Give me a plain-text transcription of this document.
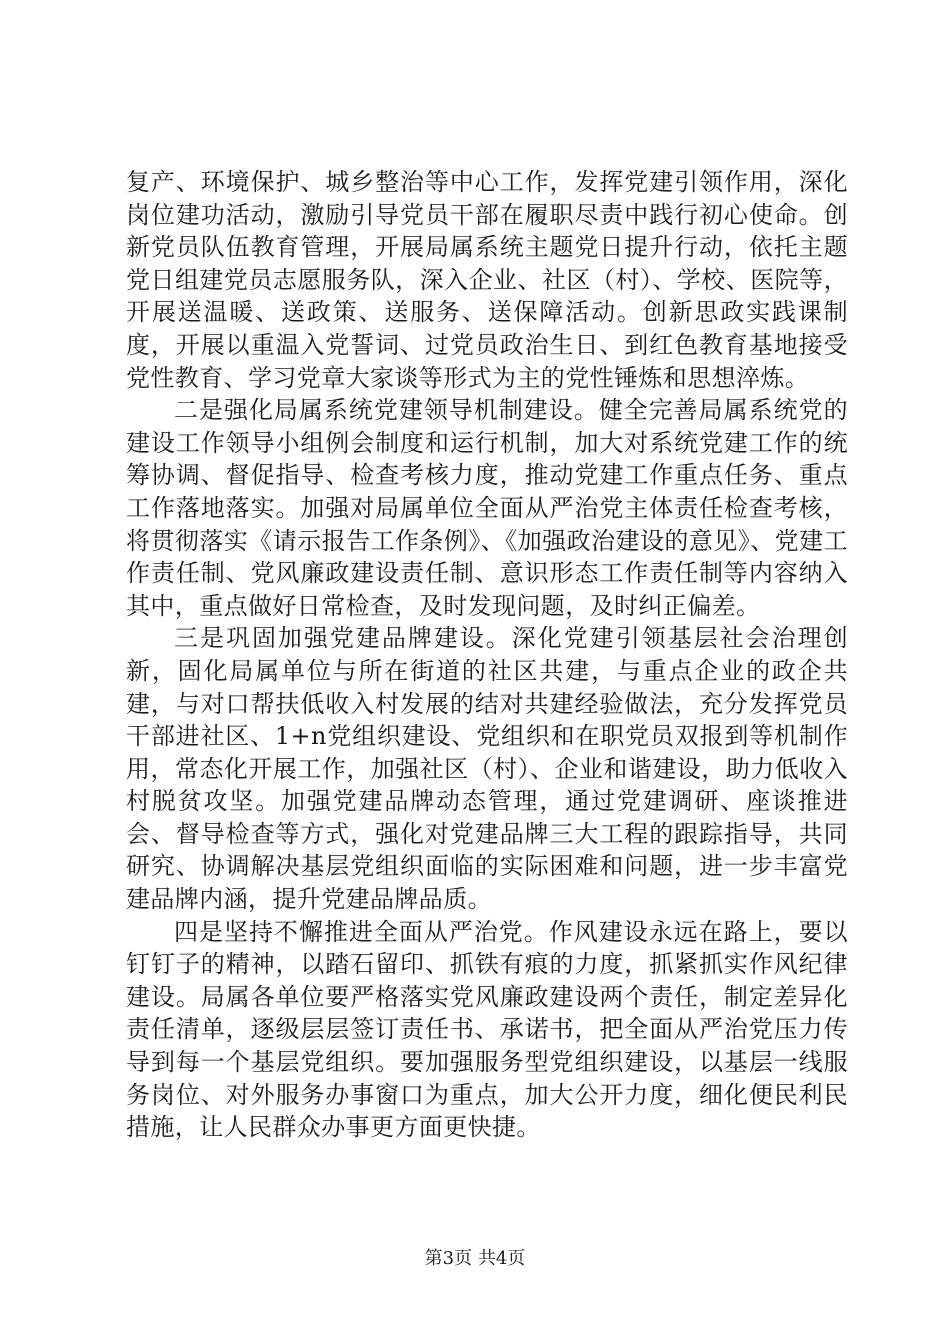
复产、环境保护、城乡整治等中心工作，发挥党建引领作用，深化岗位建功活动，激励引导党员干部在履职尽责中践行初心使命。创新党员队伍教育管理，开展局属系统主题党日提升行动，依托主题党日组建党员志愿服务队，深入企业、社区（村）、学校、医院等，开展送温暖、送政策、送服务、送保障活动。创新思政实践课制度，开展以重温入党誓词、过党员政治生日、到红色教育基地接受党性教育、学习党章大家谈等形式为主的党性锤炼和思想淬炼。

二是强化局属系统党建领导机制建设。健全完善局属系统党的建设工作领导小组例会制度和运行机制，加大对系统党建工作的统筹协调、督促指导、检查考核力度，推动党建工作重点任务、重点工作落地落实。加强对局属单位全面从严治党主体责任检查考核，将贯彻落实《请示报告工作条例》、《加强政治建设的意见》、党建工作责任制、党风廉政建设责任制、意识形态工作责任制等内容纳入其中，重点做好日常检查，及时发现问题，及时纠正偏差。

三是巩固加强党建品牌建设。深化党建引领基层社会治理创新，固化局属单位与所在街道的社区共建，与重点企业的政企共建，与对口帮扶低收入村发展的结对共建经验做法，充分发挥党员干部进社区、1+n党组织建设、党组织和在职党员双报到等机制作用，常态化开展工作，加强社区（村）、企业和谐建设，助力低收入村脱贫攻坚。加强党建品牌动态管理，通过党建调研、座谈推进会、督导检查等方式，强化对党建品牌三大工程的跟踪指导，共同研究、协调解决基层党组织面临的实际困难和问题，进一步丰富党建品牌内涵，提升党建品牌品质。

四是坚持不懈推进全面从严治党。作风建设永远在路上，要以钉钉子的精神，以踏石留印、抓铁有痕的力度，抓紧抓实作风纪律建设。局属各单位要严格落实党风廉政建设两个责任，制定差异化责任清单，逐级层层签订责任书、承诺书，把全面从严治党压力传导到每一个基层党组织。要加强服务型党组织建设，以基层一线服务岗位、对外服务办事窗口为重点，加大公开力度，细化便民利民措施，让人民群众办事更方面更快捷。

第3页 共4页
